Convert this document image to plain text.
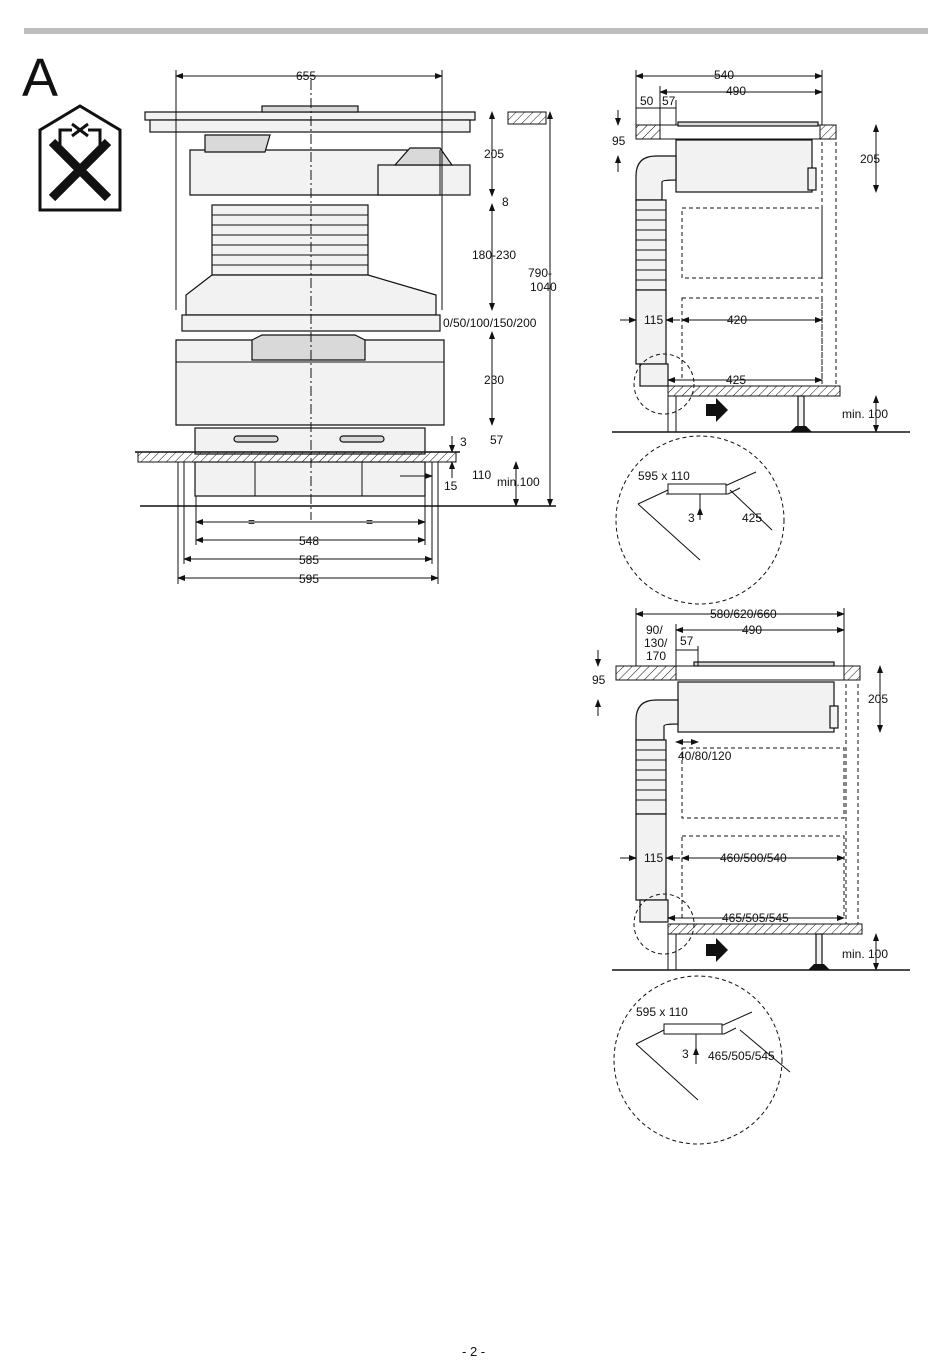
A	655
205
8
180-230
790-
1040
0/50/100/150/200
230
3 57
110
15	min.100
=	=
548
585
595
540
50 57
490
95
205
115	420
425
min. 100
595 x 110
3	425
580/620/660
90/
130/
170
57
490
95
205
40/80/120
115	460/500/540
465/505/545
min. 100
595 x 110
3 465/505/545
- 2 -
